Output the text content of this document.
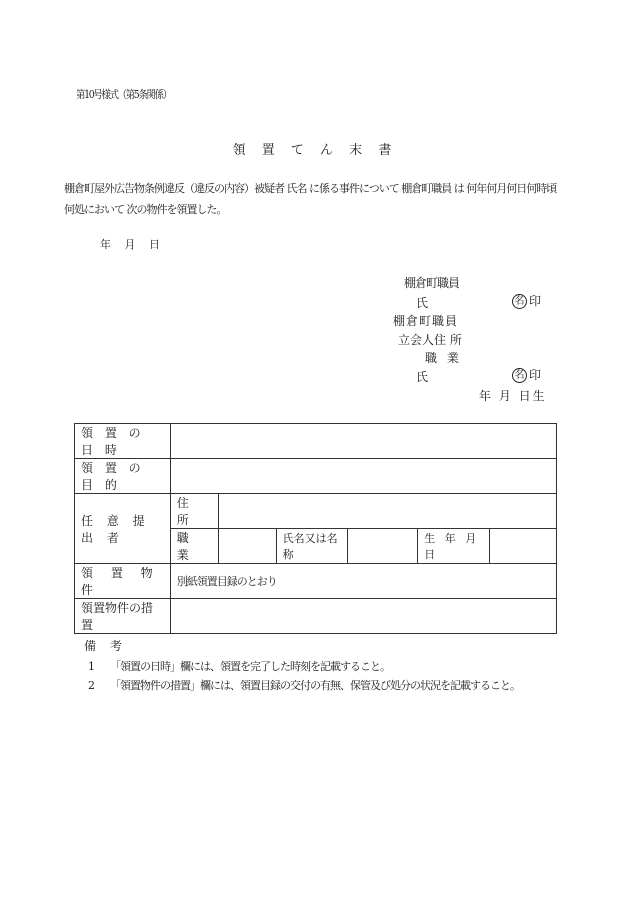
第10号様式（第5条関係）
領 置 て ん 末 書
棚倉町屋外広告物条例違反（違反の内容）被疑者 氏名 に係る事件について 棚倉町職員 は 何年何月何日何時頃 何処において 次の物件を領置した。
年 月 日
棚倉町職員
氏	名 印
棚倉町職員
立会人住 所
職 業
氏	名 印
年 月 日生
領 置 の 日 時						
領 置 の 目 的						
任 意 提 出 者	住 所					
	職 業		氏名又は名称		生 年 月 日	
領 置 物 件	別紙領置目録のとおり					
領置物件の措置						
備 考
1 「領置の日時」欄には、領置を完了した時刻を記載すること。
2 「領置物件の措置」欄には、領置目録の交付の有無、保管及び処分の状況を記載すること。
